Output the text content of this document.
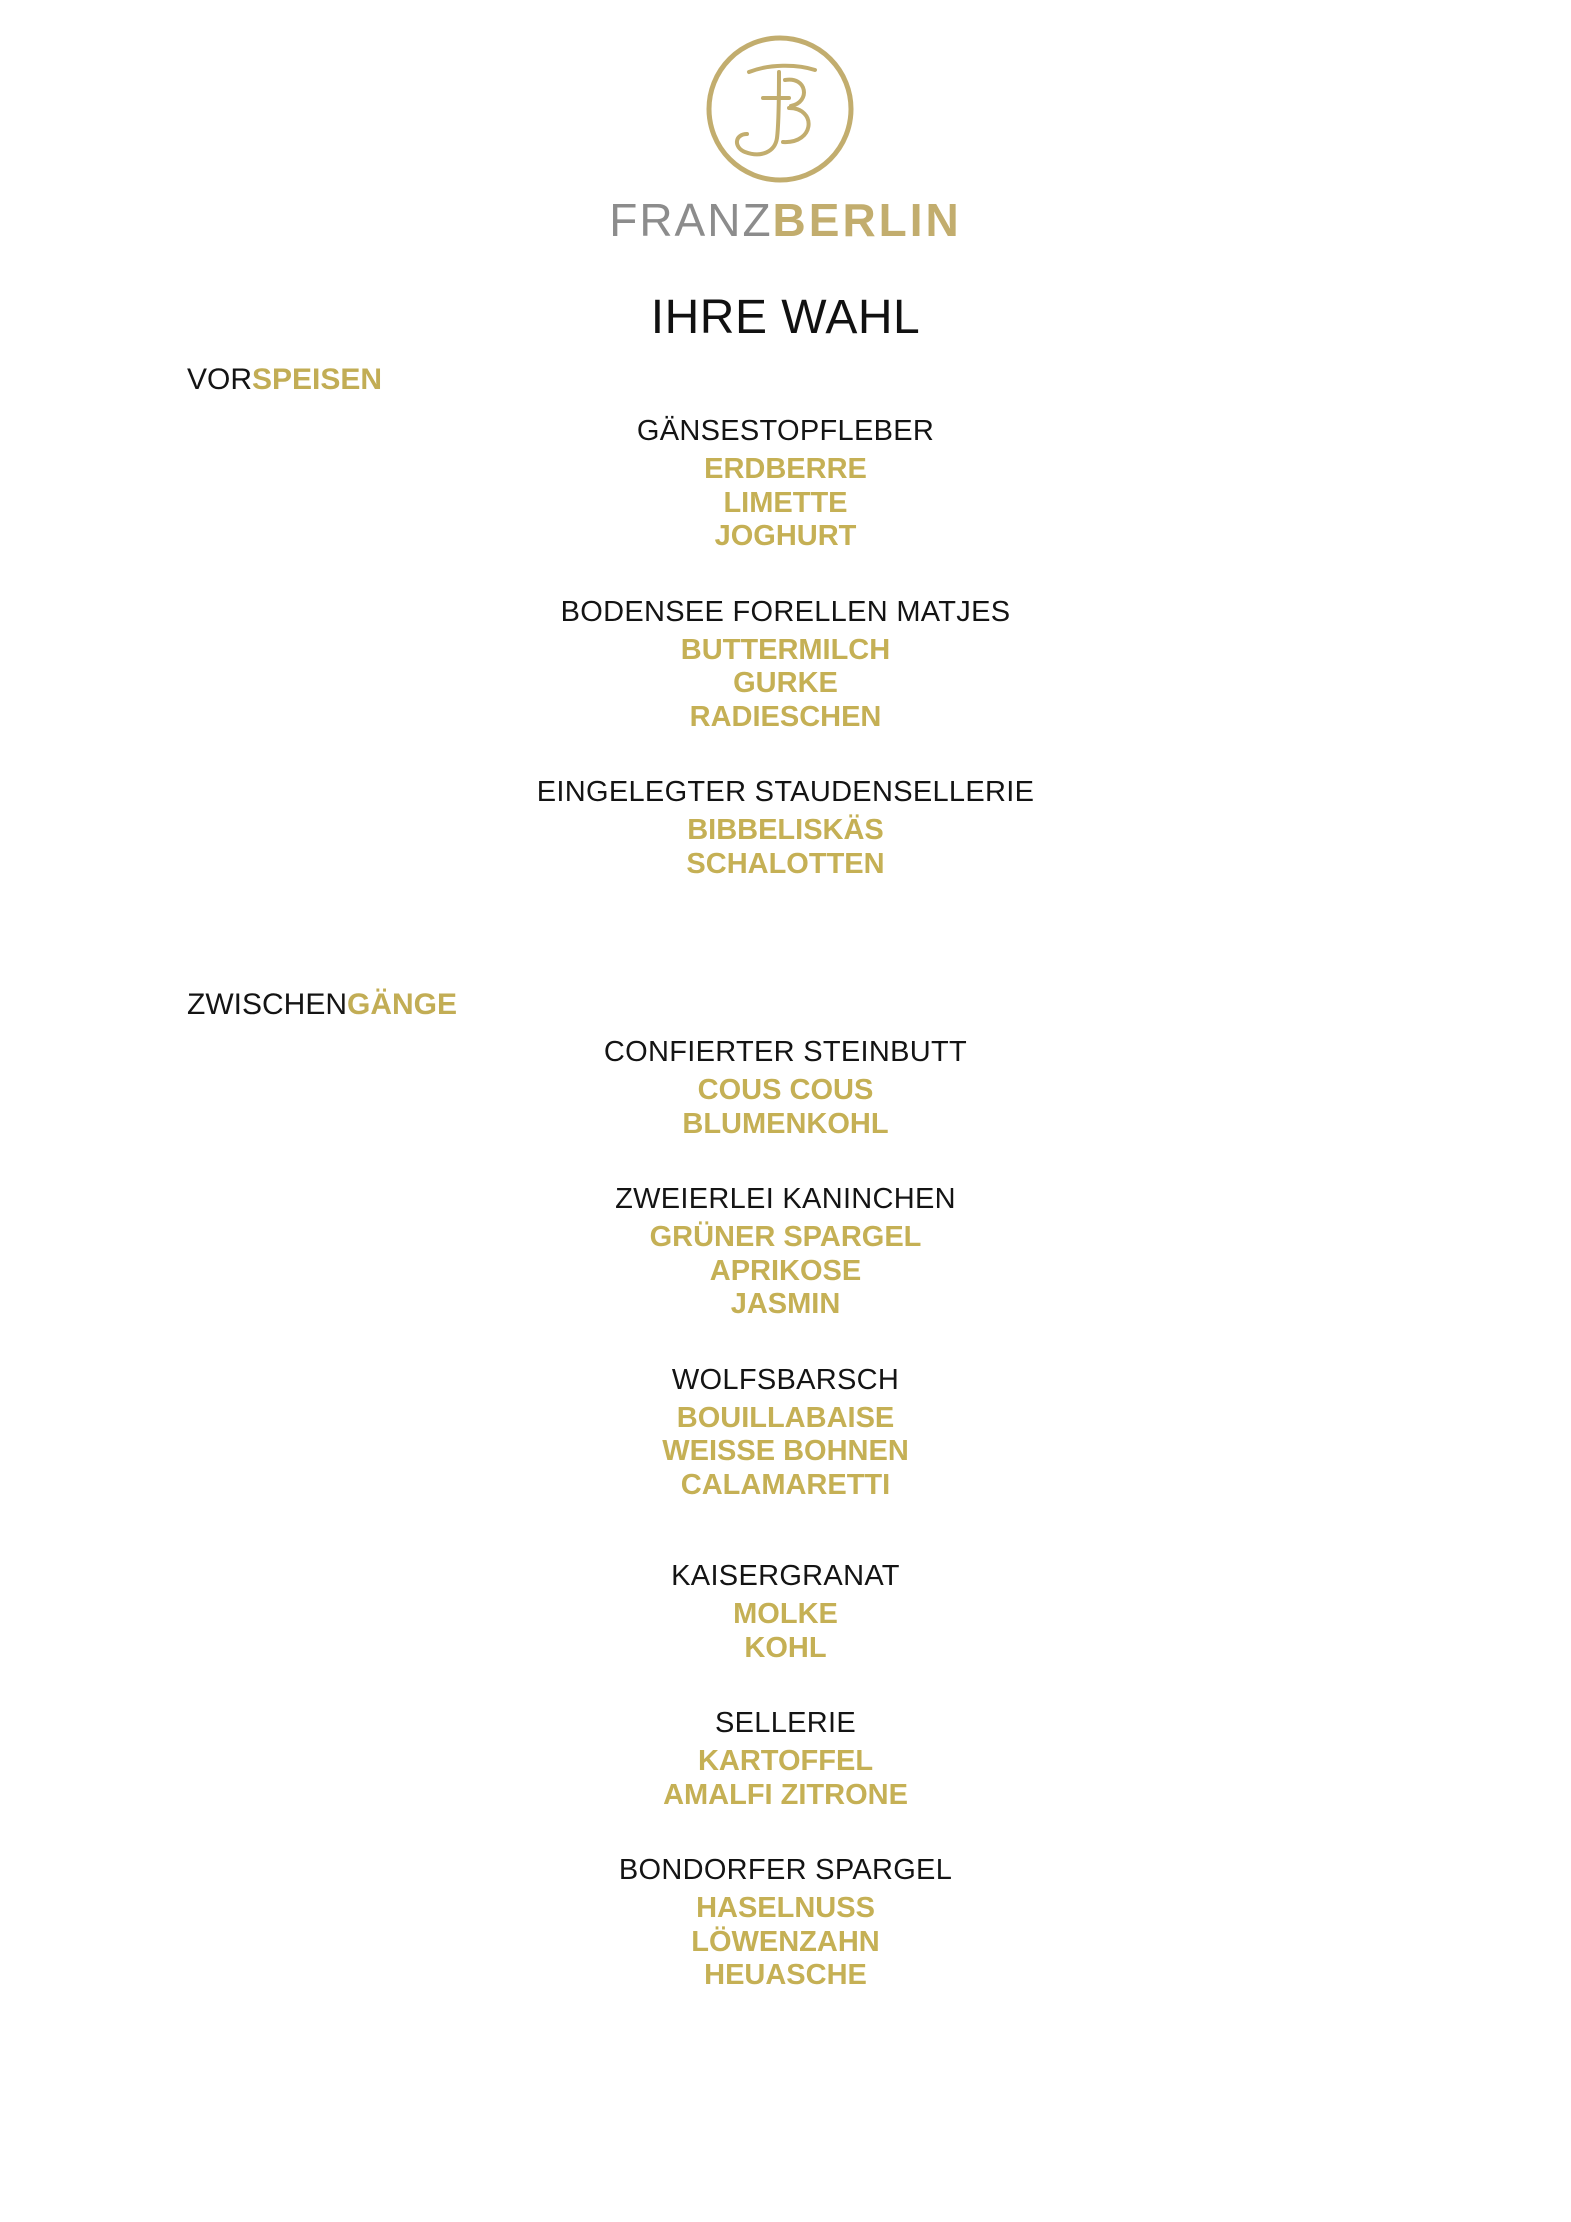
FRANZBERLIN
IHRE WAHL
VORSPEISEN
GÄNSESTOPFLEBER
ERDBERRE
LIMETTE
JOGHURT
BODENSEE FORELLEN MATJES
BUTTERMILCH
GURKE
RADIESCHEN
EINGELEGTER STAUDENSELLERIE
BIBBELISKÄS
SCHALOTTEN
ZWISCHENGÄNGE
CONFIERTER STEINBUTT
COUS COUS
BLUMENKOHL
ZWEIERLEI KANINCHEN
GRÜNER SPARGEL
APRIKOSE
JASMIN
WOLFSBARSCH
BOUILLABAISE
WEISSE BOHNEN
CALAMARETTI
KAISERGRANAT
MOLKE
KOHL
SELLERIE
KARTOFFEL
AMALFI ZITRONE
BONDORFER SPARGEL
HASELNUSS
LÖWENZAHN
HEUASCHE
